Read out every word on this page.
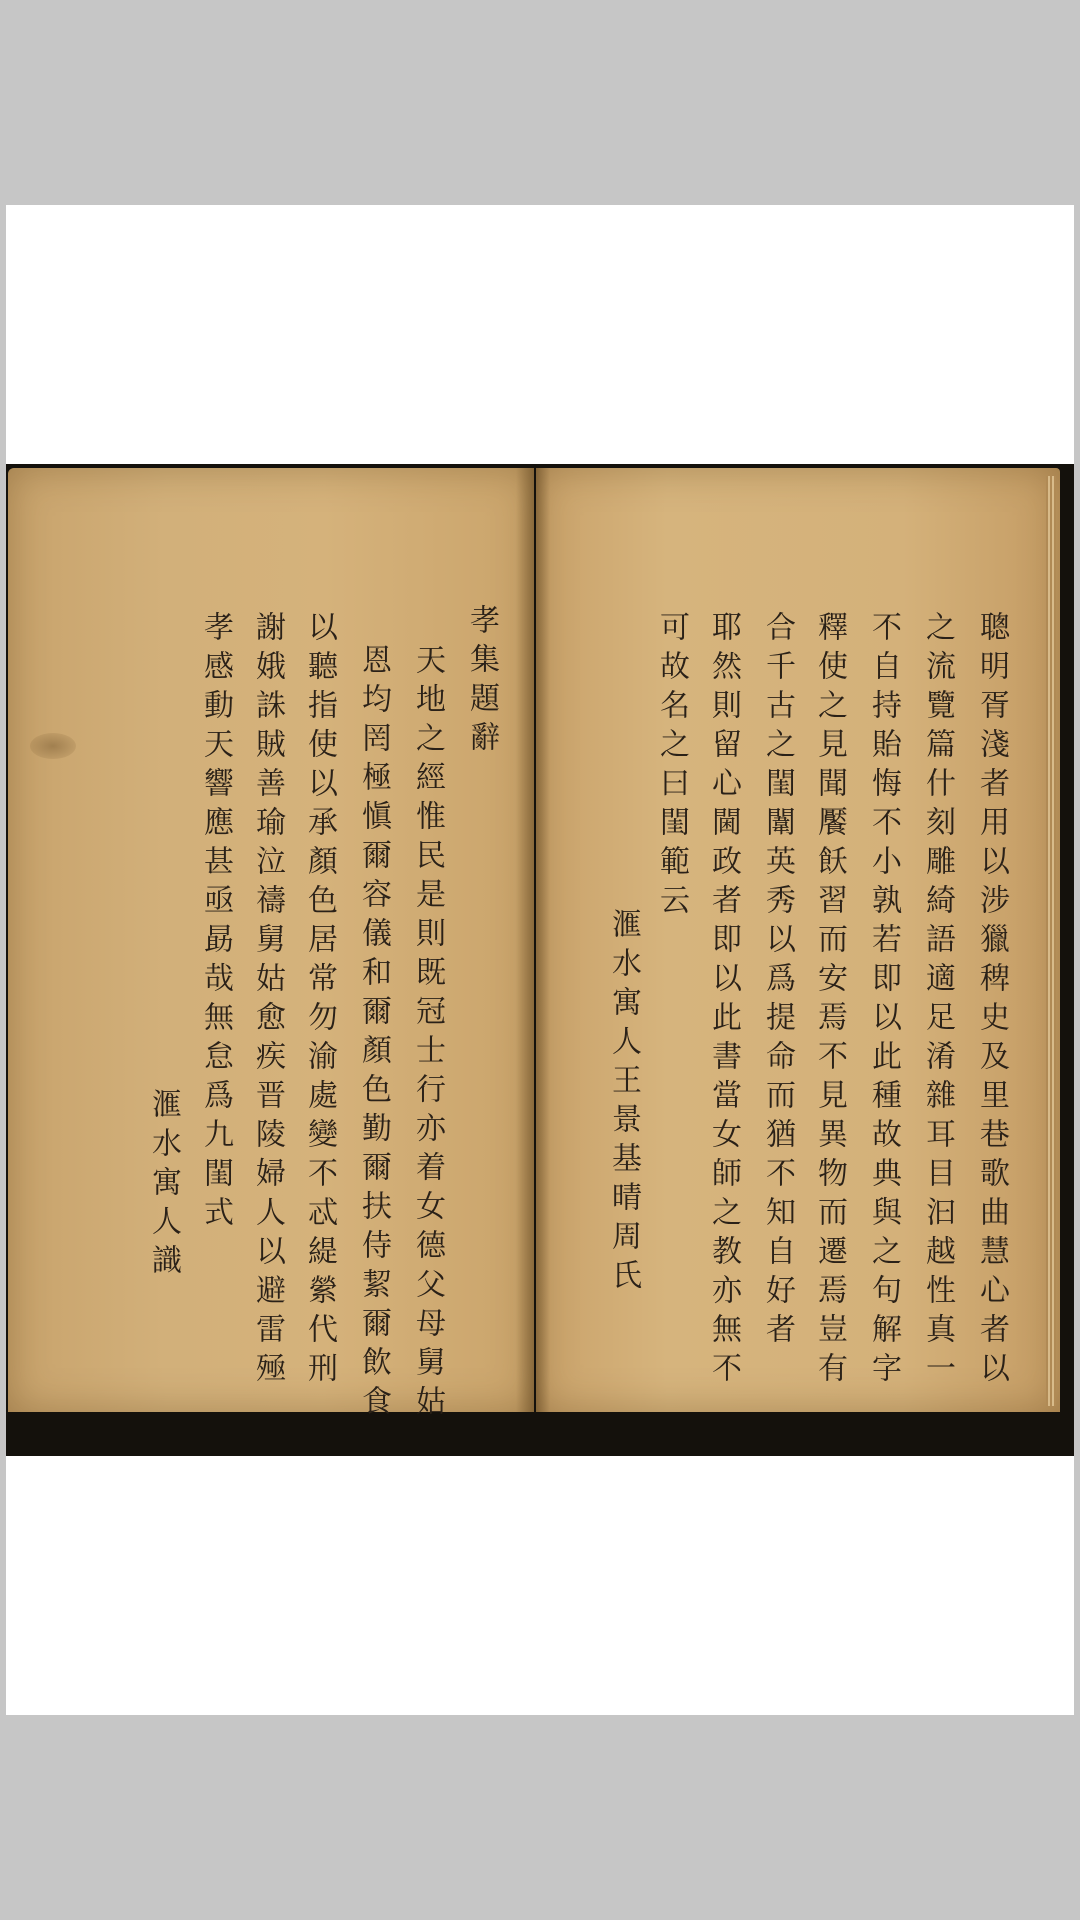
孝集題辭
天地之經惟民是則既冠士行亦着女德父母舅姑
恩均罔極愼爾容儀和爾顏色勤爾扶侍絜爾飲食
以聽指使以承顏色居常勿渝處變不忒緹縈代刑
謝娥誅賊善瑜泣禱舅姑愈疾晋陵婦人以避雷殛
孝感動天響應甚亟勗哉無怠爲九閨式
滙水寓人識	聰明胥淺者用以涉獵稗史及里巷歌曲慧心者以
之流覽篇什刻雕綺語適足淆雜耳目汩越性真一
不自持貽悔不小孰若即以此種故典與之句解字
釋使之見聞饜飫習而安焉不見異物而遷焉豈有
合千古之閨闈英秀以爲提命而猶不知自好者
耶然則留心閫政者即以此書當女師之教亦無不
可故名之曰閨範云
滙水寓人王景基晴周氏
